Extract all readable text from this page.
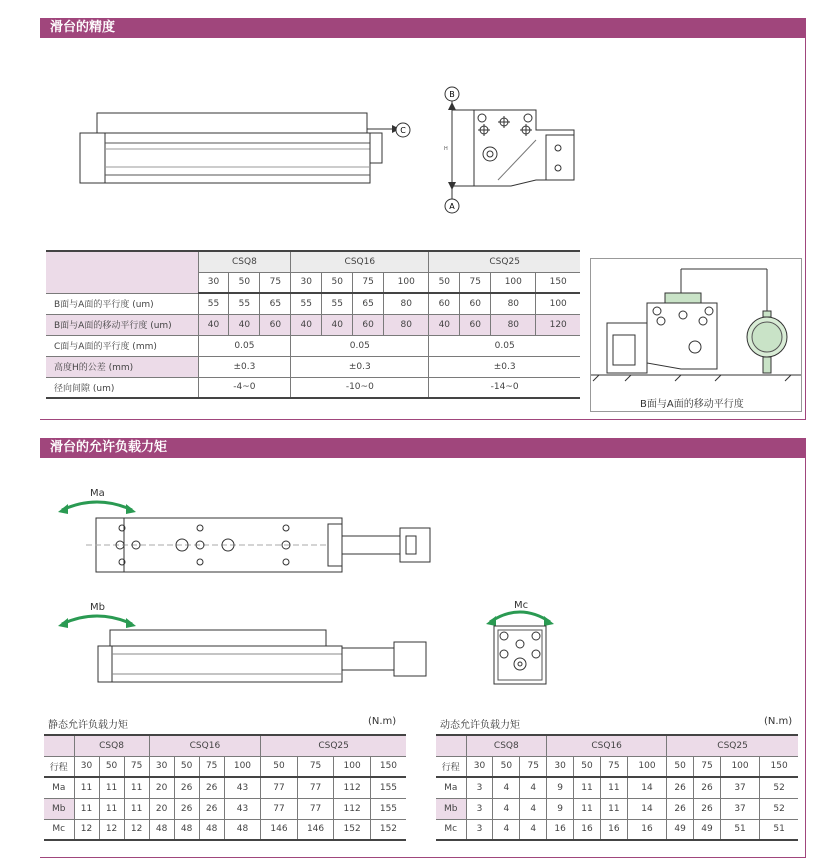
滑台的精度
C
B
H
A
	CSQ8			CSQ16				CSQ25			
	30	50	75	30	50	75	100	50	75	100	150
B面与A面的平行度 (um)	55	55	65	55	55	65	80	60	60	80	100
B面与A面的移动平行度 (um)	40	40	60	40	40	60	80	40	60	80	120
C面与A面的平行度 (mm)	0.05			0.05				0.05			
高度H的公差 (mm)	±0.3			±0.3				±0.3			
径向间隙 (um)	-4~0			-10~0				-14~0			
B面与A面的移动平行度
滑台的允许负载力矩
Ma
Mb	Mc
静态允许负载力矩	(N.m)
	CSQ8			CSQ16				CSQ25			
行程	30	50	75	30	50	75	100	50	75	100	150
Ma	11	11	11	20	26	26	43	77	77	112	155
Mb	11	11	11	20	26	26	43	77	77	112	155
Mc	12	12	12	48	48	48	48	146	146	152	152
动态允许负载力矩	(N.m)
	CSQ8			CSQ16				CSQ25			
行程	30	50	75	30	50	75	100	50	75	100	150
Ma	3	4	4	9	11	11	14	26	26	37	52
Mb	3	4	4	9	11	11	14	26	26	37	52
Mc	3	4	4	16	16	16	16	49	49	51	51
